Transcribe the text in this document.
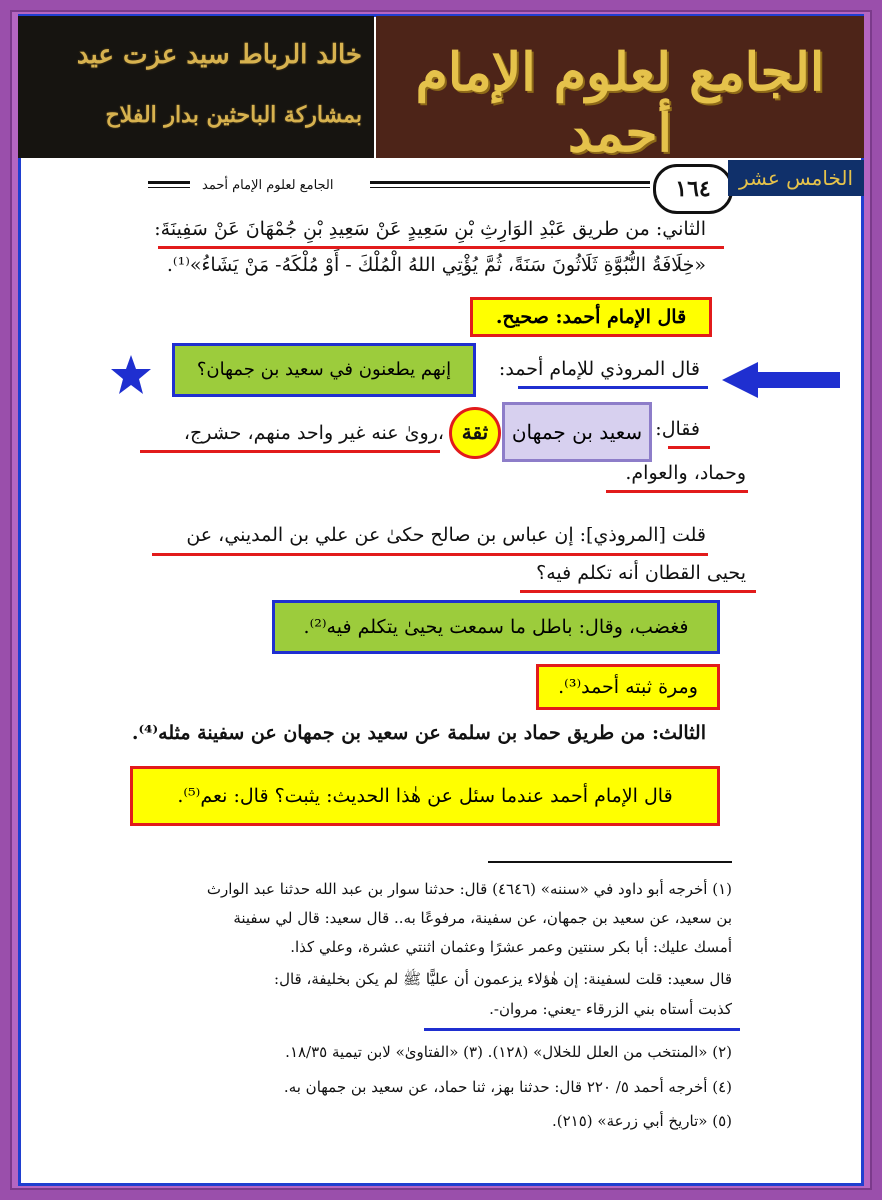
خالد الرباط سيد عزت عيد
بمشاركة الباحثين بدار الفلاح
الجامع لعلوم الإمام أحمد
الجامع لعلوم الإمام أحمد	١٦٤	الخامس عشر
الثاني: من طريق عَبْدِ الوَارِثِ بْنِ سَعِيدٍ عَنْ سَعِيدِ بْنِ جُمْهَانَ عَنْ سَفِينَةَ:
«خِلَافَةُ النُّبُوَّةِ ثَلَاثُونَ سَنَةً، ثُمَّ يُؤْتِي اللهُ الْمُلْكَ - أَوْ مُلْكَهُ- مَنْ يَشَاءُ»⁽¹⁾.
قال الإمام أحمد: صحيح.
إنهم يطعنون في سعيد بن جمهان؟	قال المروذي للإمام أحمد:
سعيد بن جمهان
ثقة	فقال:
،روىٰ عنه غير واحد منهم، حشرج،
وحماد، والعوام.
قلت [المروذي]: إن عباس بن صالح حكىٰ عن علي بن المديني، عن
يحيى القطان أنه تكلم فيه؟
فغضب، وقال: باطل ما سمعت يحيىٰ يتكلم فيه⁽²⁾.
ومرة ثبته أحمد⁽³⁾.
الثالث: من طريق حماد بن سلمة عن سعيد بن جمهان عن سفينة مثله⁽⁴⁾.
قال الإمام أحمد عندما سئل عن هٰذا الحديث: يثبت؟ قال: نعم⁽⁵⁾.
(١) أخرجه أبو داود في «سننه» (٤٦٤٦) قال: حدثنا سوار بن عبد الله حدثنا عبد الوارث
بن سعيد، عن سعيد بن جمهان، عن سفينة، مرفوعًا به.. قال سعيد: قال لي سفينة
أمسك عليك: أبا بكر سنتين وعمر عشرًا وعثمان اثنتي عشرة، وعلي كذا.
قال سعيد: قلت لسفينة: إن هٰؤلاء يزعمون أن عليًّا ﷺ لم يكن بخليفة، قال:
كذبت أستاه بني الزرقاء -يعني: مروان-.
(٢) «المنتخب من العلل للخلال» (١٢٨). (٣) «الفتاوىٰ» لابن تيمية ١٨/٣٥.
(٤) أخرجه أحمد ٥/ ٢٢٠ قال: حدثنا بهز، ثنا حماد، عن سعيد بن جمهان به.
(٥) «تاريخ أبي زرعة» (٢١٥).
